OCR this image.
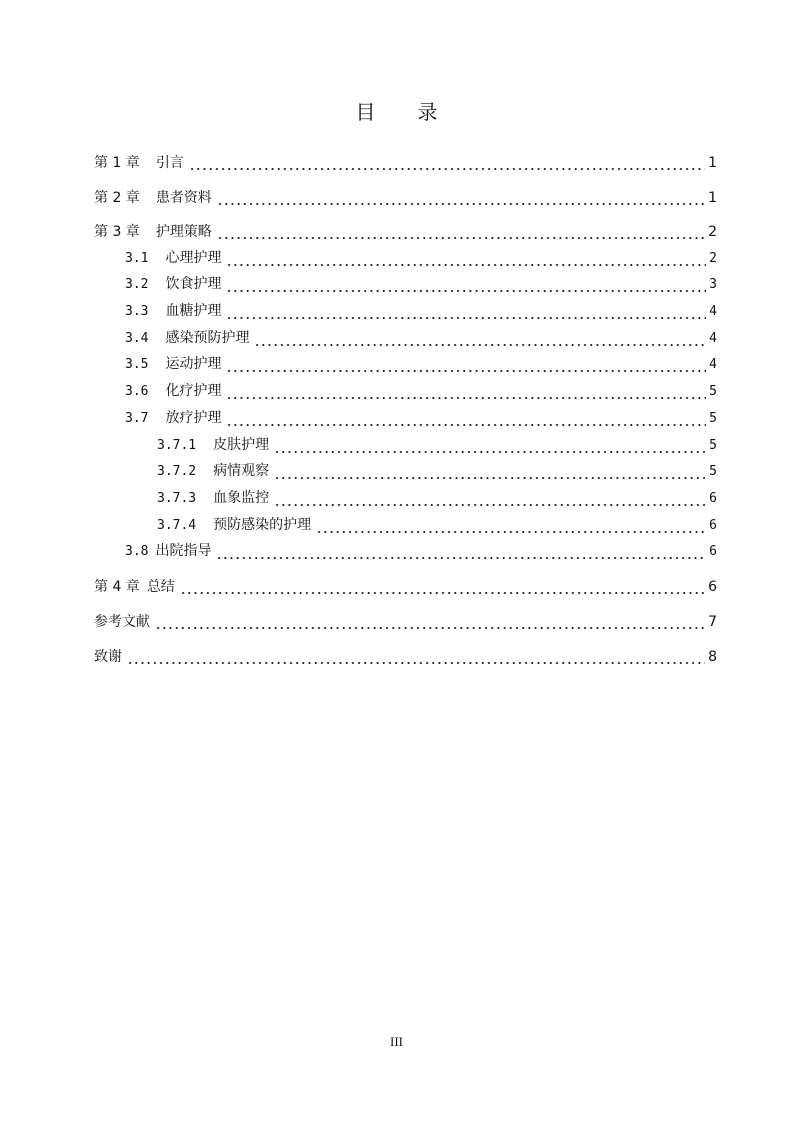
目 录
第 1 章 引言	1
第 2 章 患者资料	1
第 3 章 护理策略	2
3.1 心理护理	2
3.2 饮食护理	3
3.3 血糖护理	4
3.4 感染预防护理	4
3.5 运动护理	4
3.6 化疗护理	5
3.7 放疗护理	5
3.7.1 皮肤护理	5
3.7.2 病情观察	5
3.7.3 血象监控	6
3.7.4 预防感染的护理	6
3.8 出院指导	6
第 4 章 总结	6
参考文献	7
致谢	8
III
